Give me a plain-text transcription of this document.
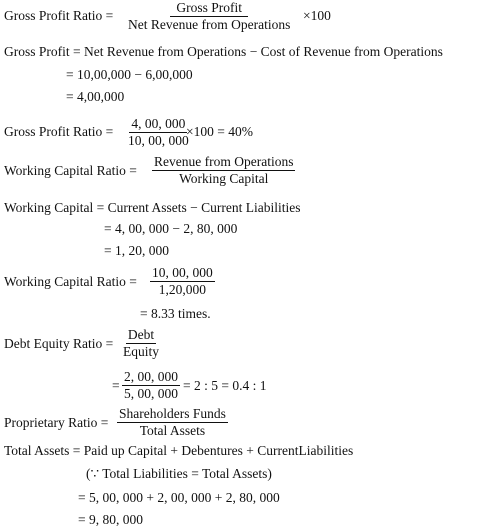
Gross Profit Ratio =
Gross Profit
Net Revenue from Operations
×100
Gross Profit = Net Revenue from Operations − Cost of Revenue from Operations
= 10,00,000 − 6,00,000
= 4,00,000
Gross Profit Ratio = $\frac{4, 00, 000}{10, 00, 000}$
×100 = 40%
Working Capital Ratio =
Revenue from Operations
Working Capital
Working Capital = Current Assets − Current Liabilities
= 4, 00, 000 − 2, 80, 000
= 1, 20, 000
Working Capital Ratio = $\frac{10, 00, 000}{1,20,000}$
= 8.33 times.
Debt Equity Ratio =
Debt
Equity
= $\frac{2, 00, 000}{5, 00, 000} = 2$ : 5 = 0.4 : 1
Proprietary Ratio =
Shareholders Funds
Total Assets
Total Assets = Paid up Capital + Debentures + CurrentLiabilities
(∵ Total Liabilities = Total Assets)
= 5, 00, 000 + 2, 00, 000 + 2, 80, 000
= 9, 80, 000
